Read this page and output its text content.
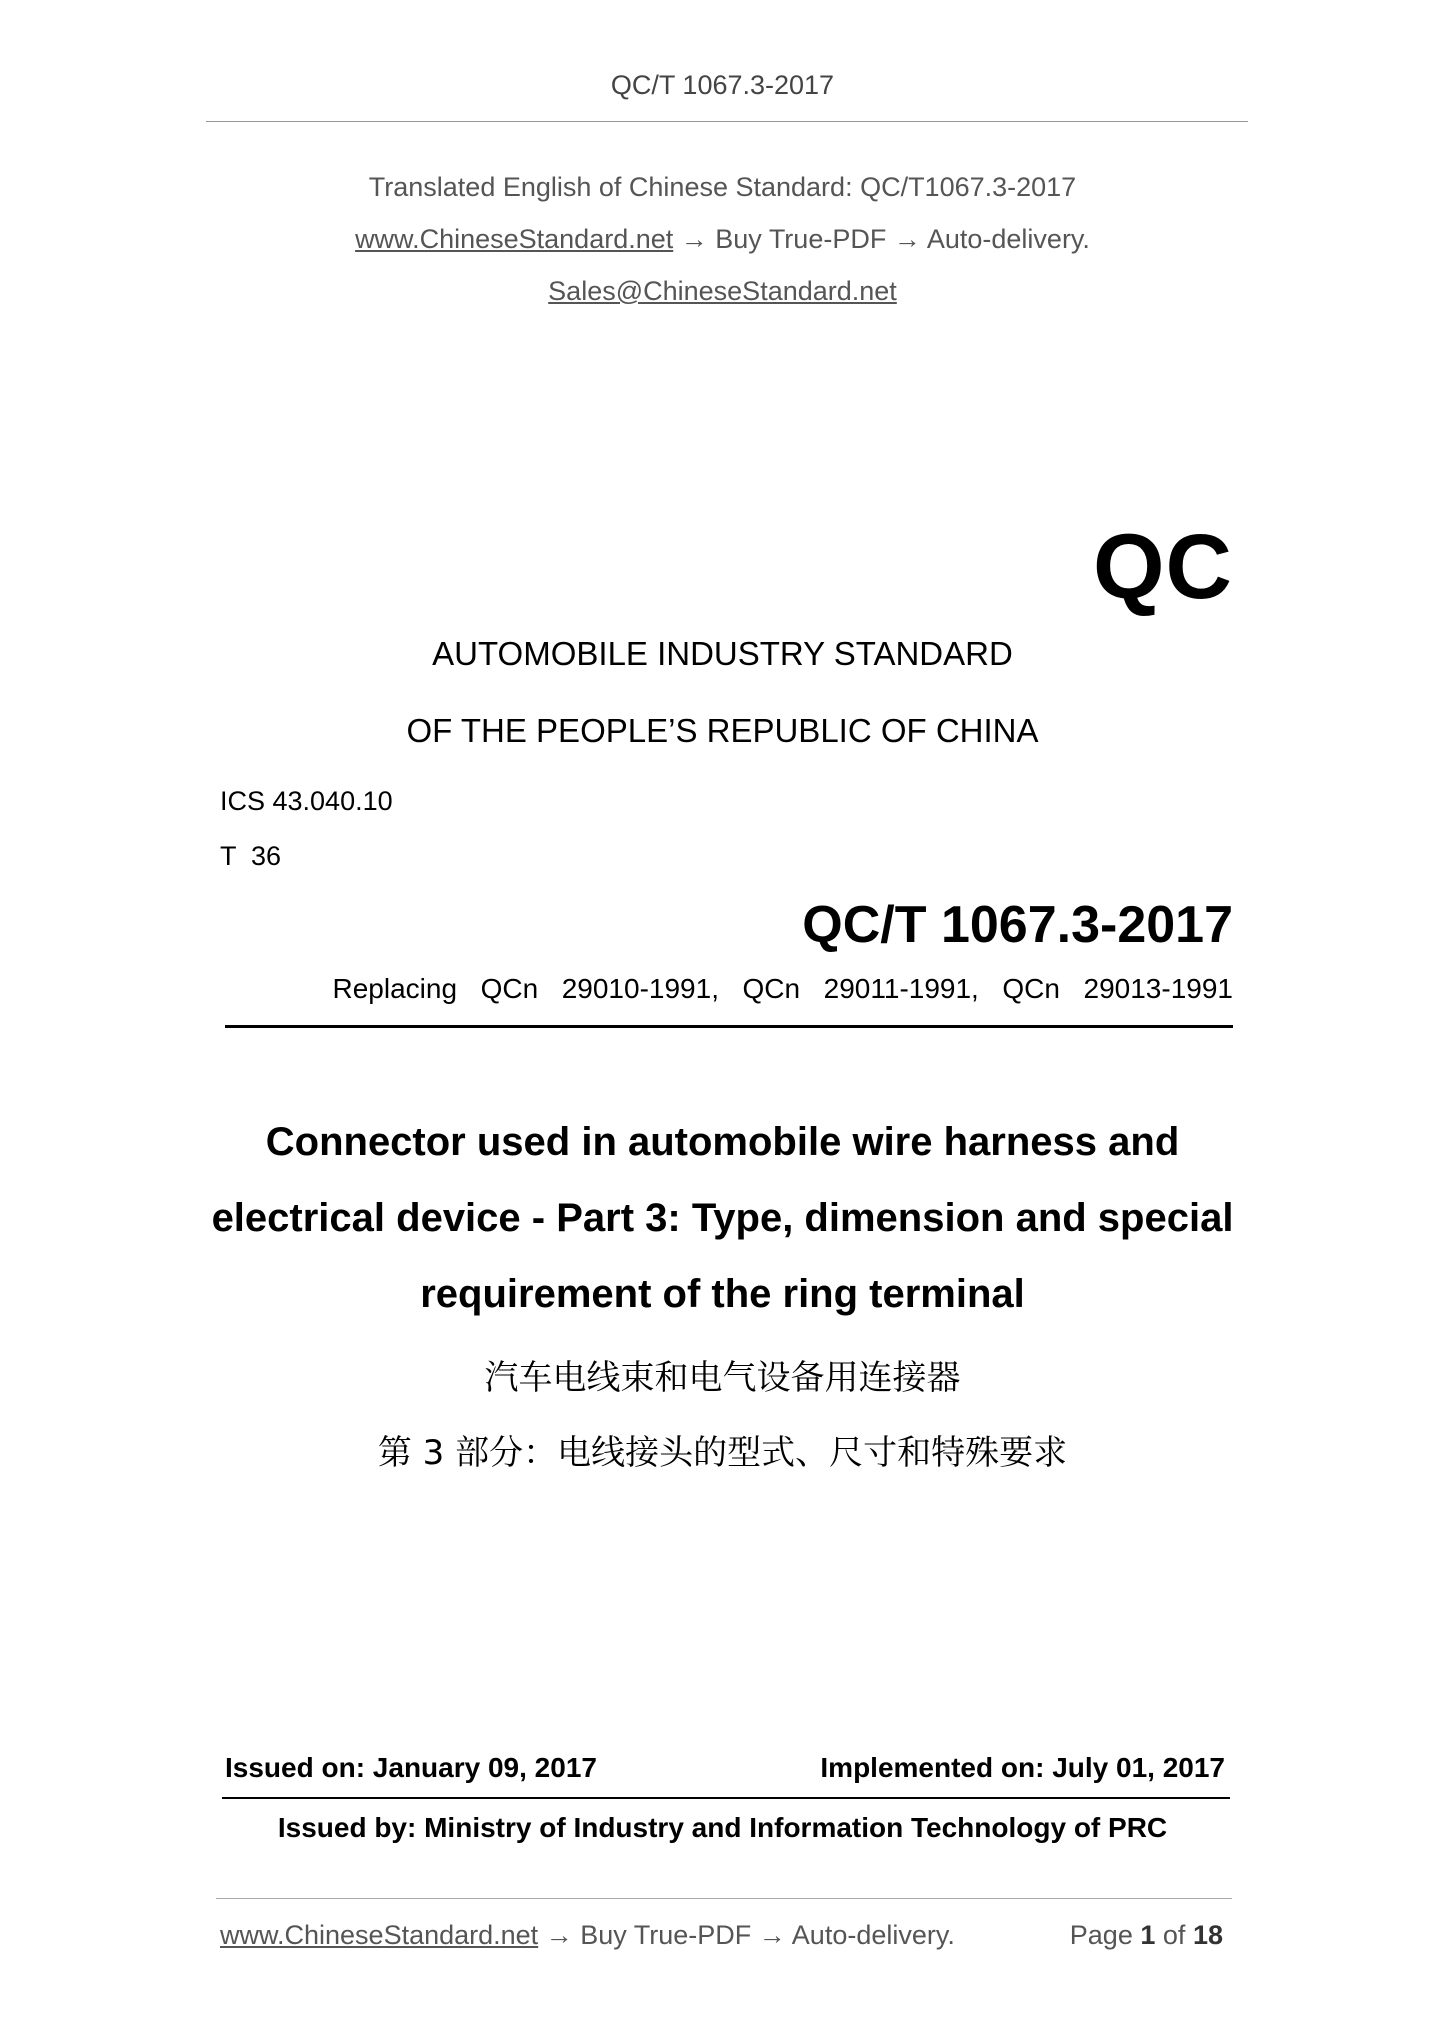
QC/T 1067.3-2017
Translated English of Chinese Standard: QC/T1067.3-2017
www.ChineseStandard.net → Buy True-PDF → Auto-delivery.
Sales@ChineseStandard.net
QC
AUTOMOBILE INDUSTRY STANDARD
OF THE PEOPLE’S REPUBLIC OF CHINA
ICS 43.040.10
T  36
QC/T 1067.3-2017
Replacing  QCn  29010-1991,  QCn  29011-1991,  QCn  29013-1991
Connector used in automobile wire harness and
electrical device - Part 3: Type, dimension and special
requirement of the ring terminal
汽车电线束和电气设备用连接器
第 3 部分：电线接头的型式、尺寸和特殊要求
Issued on: January 09, 2017	Implemented on: July 01, 2017
Issued by: Ministry of Industry and Information Technology of PRC
www.ChineseStandard.net → Buy True-PDF → Auto-delivery.	Page 1 of 18
